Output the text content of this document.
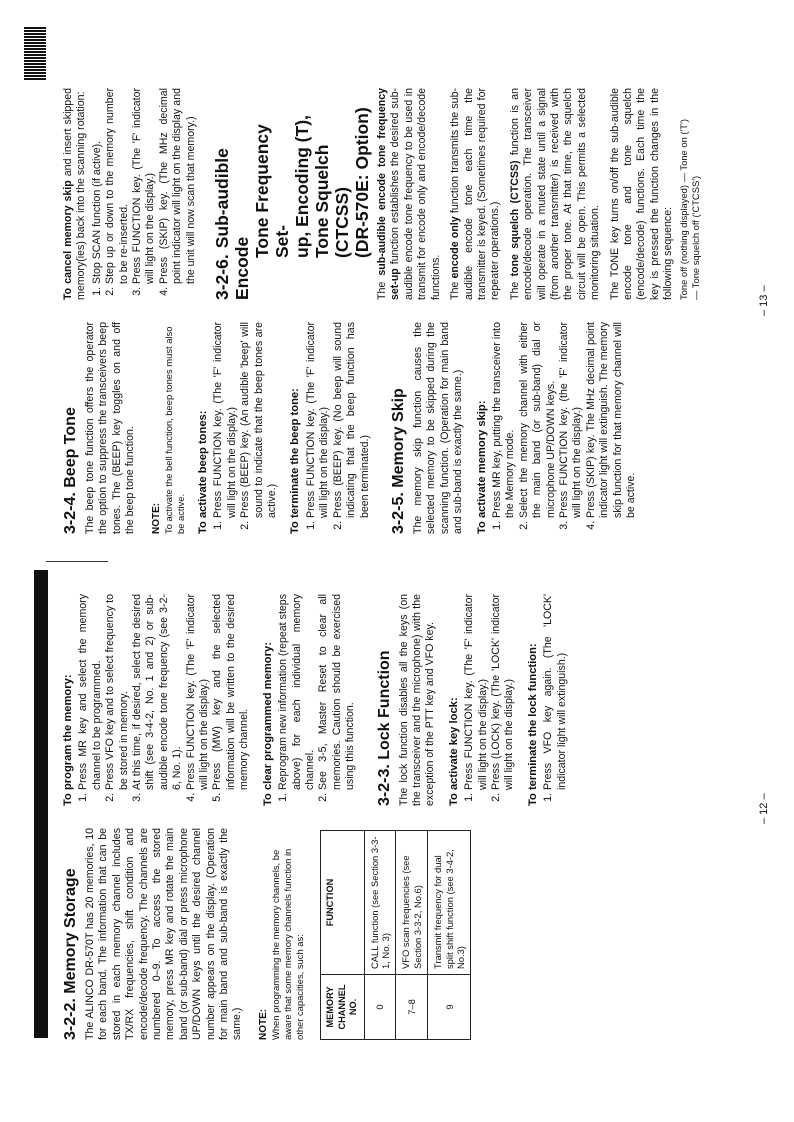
3-2-2. Memory Storage The ALINCO DR-570T has 20 memories, 10 for each band. The information that can be stored in each memory channel includes TX/RX frequencies, shift condition and encode/decode frequency. The channels are numbered 0–9. To access the stored memory, press MR key and rotate the main band (or sub-band) dial or press microphone UP/DOWN keys until the desired channel number appears on the display. (Operation for main band and sub-band is exactly the same.) NOTE: When programming the memory channels, be aware that some memory channels function in other capacities, such as: MEMORY CHANNEL NO.	FUNCTION
0	CALL function (see Section 3-3-1, No. 3)
7–8	VFO scan frequencies (see Section 3-3-2, No.6)
9	Transmit frequency for dual split shift function (see 3-4-2, No.3)
To program the memory: 1. Press MR key and select the memory channel to be programmed. 2. Press VFO key and to select frequency to be stored in memory. 3. At this time, if desired, select the desired shift (see 3-4-2, No. 1 and 2) or sub-audible encode tone frequency (see 3-2-6, No. 1). 4. Press FUNCTION key. (The 'F' indicator will light on the display.) 5. Press (MW) key and the selected information will be written to the desired memory channel. To clear programmed memory: 1. Reprogram new information (repeat steps above) for each individual memory channel. 2. See 3-5, Master Reset to clear all memories. Caution should be exercised using this function. 3-2-3. Lock Function The lock function disables all the keys (on the transceiver and the microphone) with the exception of the PTT key and VFO key. To activate key lock: 1. Press FUNCTION key. (The 'F' indicator will light on the display.) 2. Press (LOCK) key. (The 'LOCK' indicator will light on the display.) To terminate the lock function: 1. Press VFO key again. (The 'LOCK' indicator light will extinguish.)
– 12 –
3-2-4. Beep Tone The beep tone function offers the operator the option to suppress the transceivers beep tones. The (BEEP) key toggles on and off the beep tone function. NOTE: To activate the bell function, beep tones must also be active. To activate beep tones: 1. Press FUNCTION key. (The 'F' indicator will light on the display.) 2. Press (BEEP) key. (An audible 'beep' will sound to indicate that the beep tones are active.) To terminate the beep tone: 1. Press FUNCTION key. (The 'F' indicator will light on the display.) 2. Press (BEEP) key. (No beep will sound indicating that the beep function has been terminated.) 3-2-5. Memory Skip The memory skip function causes the selected memory to be skipped during the scanning function. (Operation for main band and sub-band is exactly the same.) To activate memory skip: 1. Press MR key, putting the transceiver into the Memory mode. 2. Select the memory channel with either the main band (or sub-band) dial or microphone UP/DOWN keys. 3. Press FUNCTION key. (the 'F' indicator will light on the display.) 4. Press (SKIP) key. The MHz decimal point indicator light will extinguish. The memory skip function for that memory channel will be active.

To cancel memory skip and insert skipped memory(ies) back into the scanning rotation: 1. Stop SCAN function (if active). 2. Step up or down to the memory number to be re-inserted. 3. Press FUNCTION key. (The 'F' indicator will light on the display.) 4. Press (SKIP) key. (The MHz decimal point indicator will light on the display and the unit will now scan that memory.) 3-2-6.Sub-audible Encode
Tone Frequency Set- up, Encoding (T), Tone Squelch (CTCSS) (DR-570E: Option)

The sub-audible encode tone frequency set-up function establishes the desired sub-audible encode tone frequency to be used in transmit for encode only and encode/decode functions. The encode only function transmits the sub-audible encode tone each time the transmitter is keyed. (Sometimes required for repeater operations.) The tone squelch (CTCSS) function is an encode/decode operation. The transceiver will operate in a muted state until a signal (from another transmitter) is received with the proper tone. At that time, the squelch circuit will be open. This permits a selected monitoring situation. The TONE key turns on/off the sub-audible encode tone and tone squelch (encode/decode) functions. Each time the key is pressed the function changes in the following sequence: Tone off (nothing displayed) — Tone on ('T') — Tone squelch off ('CTCSS')
– 13 –
